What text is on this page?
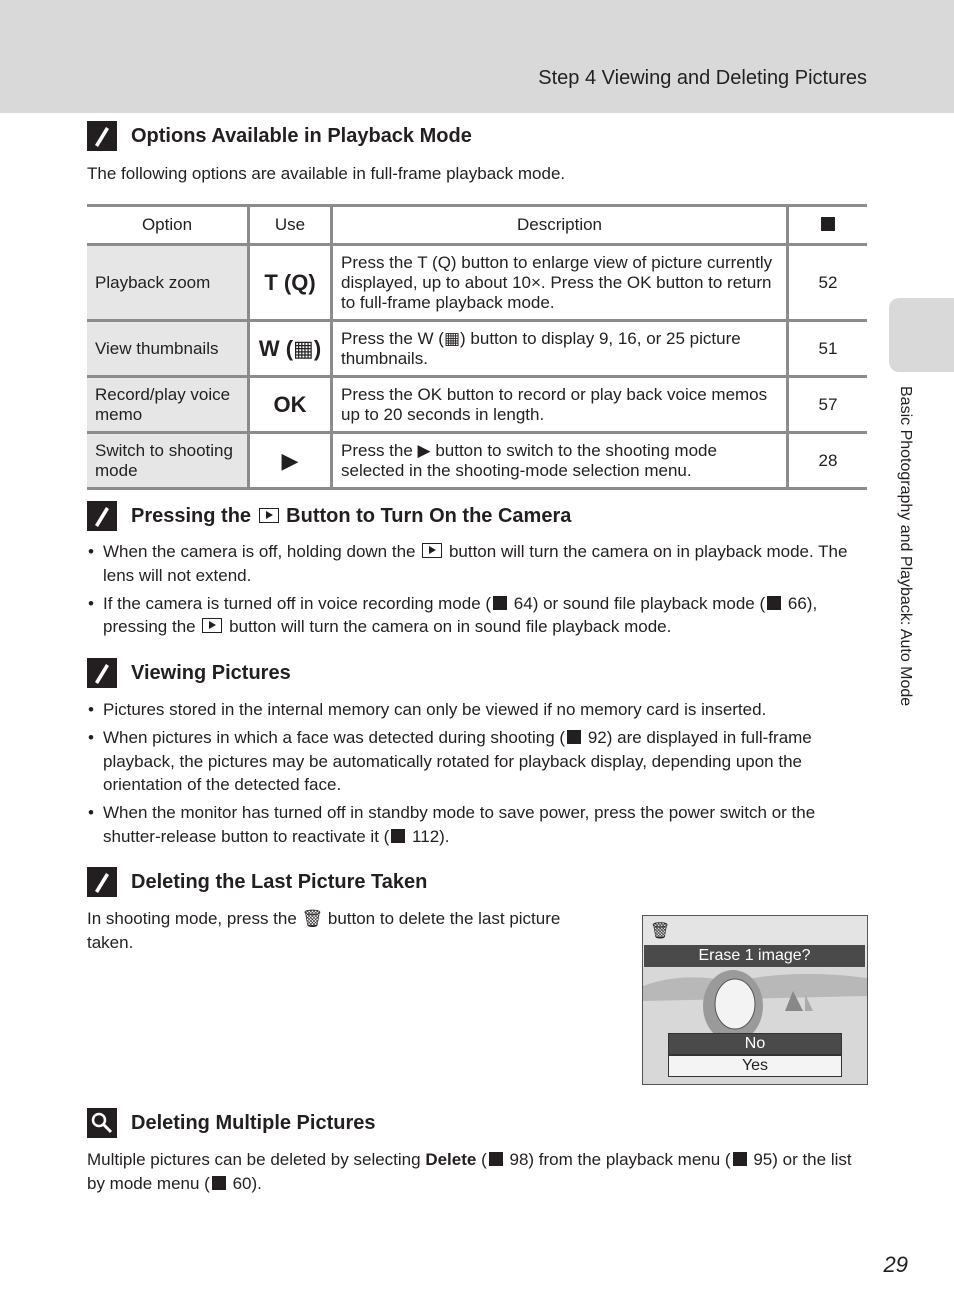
Step 4 Viewing and Deleting Pictures
Basic Photography and Playback: Auto Mode
Options Available in Playback Mode
The following options are available in full-frame playback mode.
Option	Use	Description	
Playback zoom	T (Q)	Press the T (Q) button to enlarge view of picture currently displayed, up to about 10×. Press the OK button to return to full-frame playback mode.	52
View thumbnails	W (▦)	Press the W (▦) button to display 9, 16, or 25 picture thumbnails.	51
Record/play voice memo	OK	Press the OK button to record or play back voice memos up to 20 seconds in length.	57
Switch to shooting mode	▶	Press the ▶ button to switch to the shooting mode selected in the shooting-mode selection menu.	28
Pressing the Button to Turn On the Camera
• When the camera is off, holding down the button will turn the camera on in playback mode. The lens will not extend.
• If the camera is turned off in voice recording mode ( 64) or sound file playback mode ( 66), pressing the button will turn the camera on in sound file playback mode.
Viewing Pictures
• Pictures stored in the internal memory can only be viewed if no memory card is inserted.
• When pictures in which a face was detected during shooting ( 92) are displayed in full-frame playback, the pictures may be automatically rotated for playback display, depending upon the orientation of the detected face.
• When the monitor has turned off in standby mode to save power, press the power switch or the shutter-release button to reactivate it ( 112).
Deleting the Last Picture Taken
In shooting mode, press the 🗑 button to delete the last picture taken.
🗑
Erase 1 image?
No
Yes
Deleting Multiple Pictures
Multiple pictures can be deleted by selecting Delete ( 98) from the playback menu ( 95) or the list by mode menu ( 60).
29
